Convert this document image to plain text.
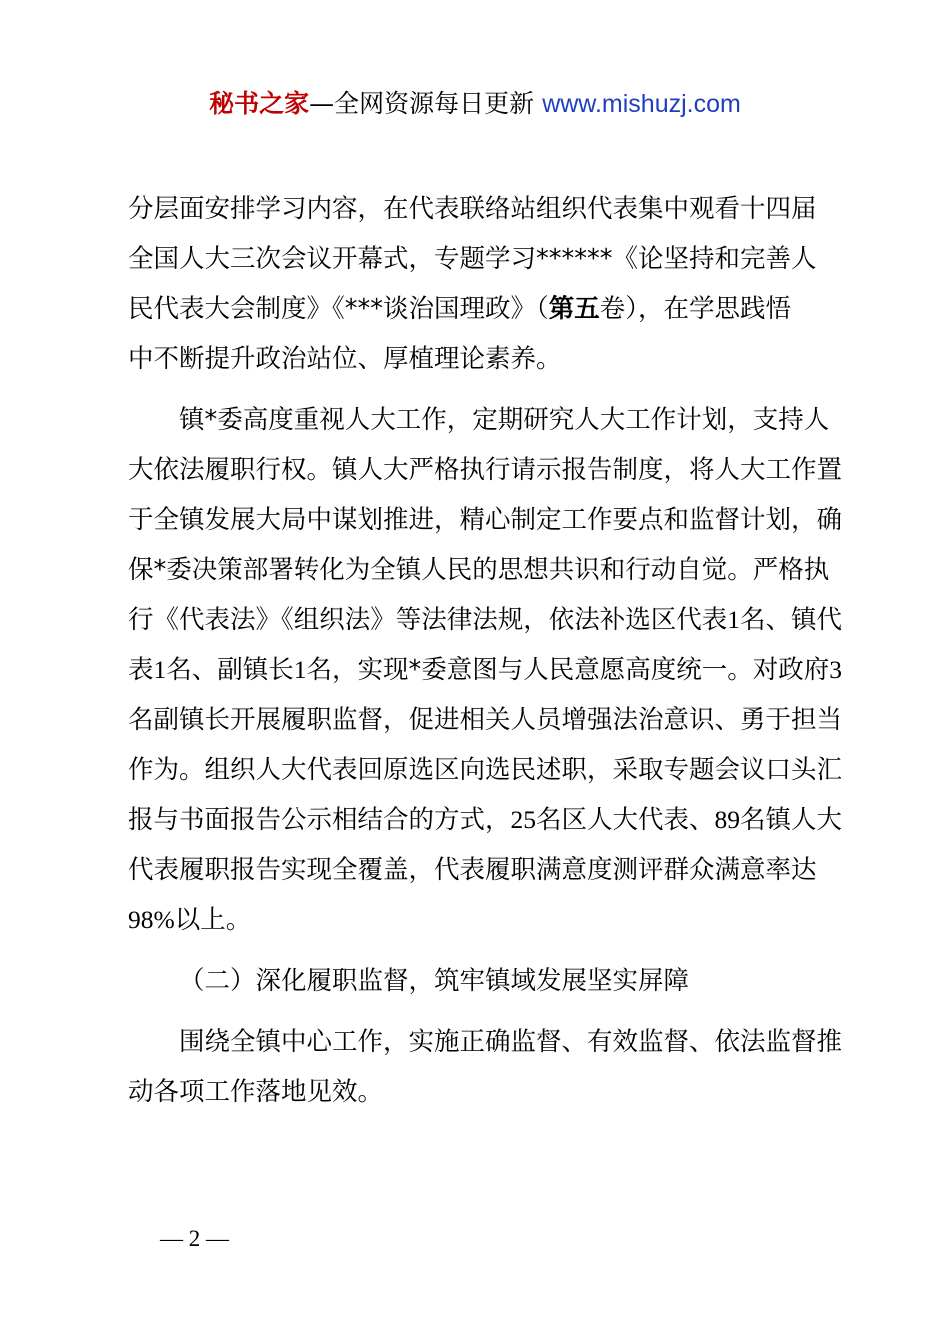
秘书之家—全网资源每日更新 www.mishuzj.com

分层面安排学习内容，在代表联络站组织代表集中观看十四届
全国人大三次会议开幕式，专题学习******《论坚持和完善人
民代表大会制度》《***谈治国理政》（第五卷），在学思践悟
中不断提升政治站位、厚植理论素养。

镇*委高度重视人大工作，定期研究人大工作计划，支持人大依法履职行权。镇人大严格执行请示报告制度，将人大工作置于全镇发展大局中谋划推进，精心制定工作要点和监督计划，确保*委决策部署转化为全镇人民的思想共识和行动自觉。严格执行《代表法》《组织法》等法律法规，依法补选区代表1名、镇代表1名、副镇长1名，实现*委意图与人民意愿高度统一。对政府3名副镇长开展履职监督，促进相关人员增强法治意识、勇于担当作为。组织人大代表回原选区向选民述职，采取专题会议口头汇报与书面报告公示相结合的方式，25名区人大代表、89名镇人大代表履职报告实现全覆盖，代表履职满意度测评群众满意率达98%以上。

（二）深化履职监督，筑牢镇域发展坚实屏障

围绕全镇中心工作，实施正确监督、有效监督、依法监督推动各项工作落地见效。

— 2 —
